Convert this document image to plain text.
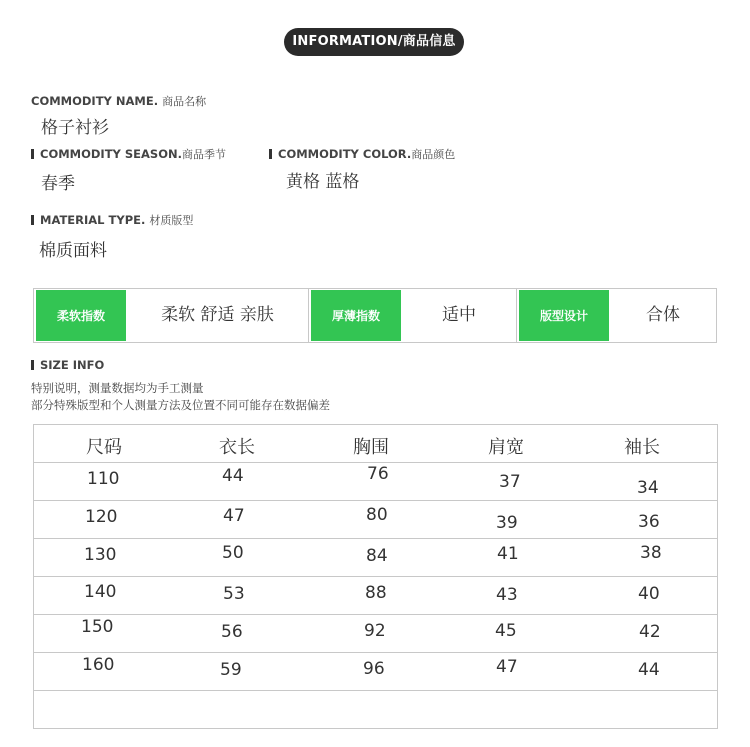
INFORMATION/商品信息
COMMODITY NAME. 商品名称
格子衬衫
COMMODITY SEASON.商品季节
春季
COMMODITY COLOR.商品颜色
黄格 蓝格
MATERIAL TYPE. 材质版型
棉质面料
柔软指数	柔软 舒适 亲肤	厚薄指数	适中	版型设计	合体
SIZE INFO
特别说明，测量数据均为手工测量
部分特殊版型和个人测量方法及位置不同可能存在数据偏差
尺码	衣长	胸围	肩宽	袖长
110	44	76	37	34
120	47	80	39	36
130	50	84	41	38
140	53	88	43	40
150	56	92	45	42
160	59	96	47	44
